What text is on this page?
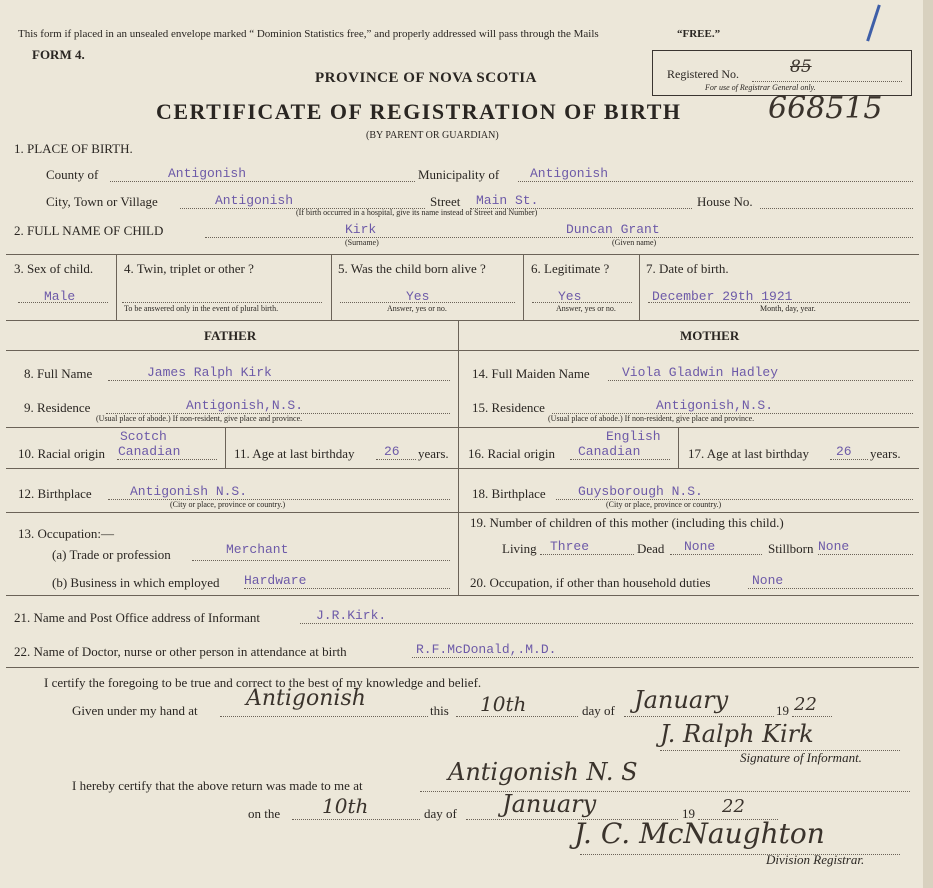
This form if placed in an unsealed envelope marked “ Dominion Statistics free,” and properly addressed will pass through the Mails	“FREE.”
FORM 4.
PROVINCE OF NOVA SCOTIA
CERTIFICATE OF REGISTRATION OF BIRTH
(BY PARENT OR GUARDIAN)
Registered No.	85
For use of Registrar General only.
668515
1. PLACE OF BIRTH.
County of	Antigonish	Municipality of Antigonish
City, Town or Village	Antigonish	Street Main St.	House No.
(If birth occurred in a hospital, give its name instead of Street and Number)
2. FULL NAME OF CHILD	Kirk
(Surname)
Duncan Grant
(Given name)
3. Sex of child.
Male
4. Twin, triplet or other ?
To be answered only in the event of plural birth.
5. Was the child born alive ?
Yes
Answer, yes or no.
6. Legitimate ?
Yes
Answer, yes or no.
7. Date of birth.
December 29th 1921
Month, day, year.
FATHER	MOTHER
8. Full Name	James Ralph Kirk
9. Residence	Antigonish,N.S.
(Usual place of abode.) If non-resident, give place and province.
Scotch
10. Racial origin Canadian	11. Age at last birthday 26 years.
12. Birthplace	Antigonish N.S.
(City or place, province or country.)
13. Occupation:—
(a) Trade or profession	Merchant
(b) Business in which employed Hardware
14. Full Maiden Name Viola Gladwin Hadley
15. Residence	Antigonish,N.S.
(Usual place of abode.) If non-resident, give place and province.
English
16. Racial origin Canadian	17. Age at last birthday 26 years.
18. Birthplace Guysborough N.S.
(City or place, province or country.)
19. Number of children of this mother (including this child.)
Living Three	Dead None	Stillborn None
20. Occupation, if other than household duties	None
21. Name and Post Office address of Informant	J.R.Kirk.
22. Name of Doctor, nurse or other person in attendance at birth	R.F.McDonald,.M.D.
I certify the foregoing to be true and correct to the best of my knowledge and belief.
Given under my hand at Antigonish	this 10th	day of January	19 22
J. Ralph Kirk
Signature of Informant.
I hereby certify that the above return was made to me at	Antigonish N. S
on the 10th	day of January	19 22
J. C. McNaughton
Division Registrar.
